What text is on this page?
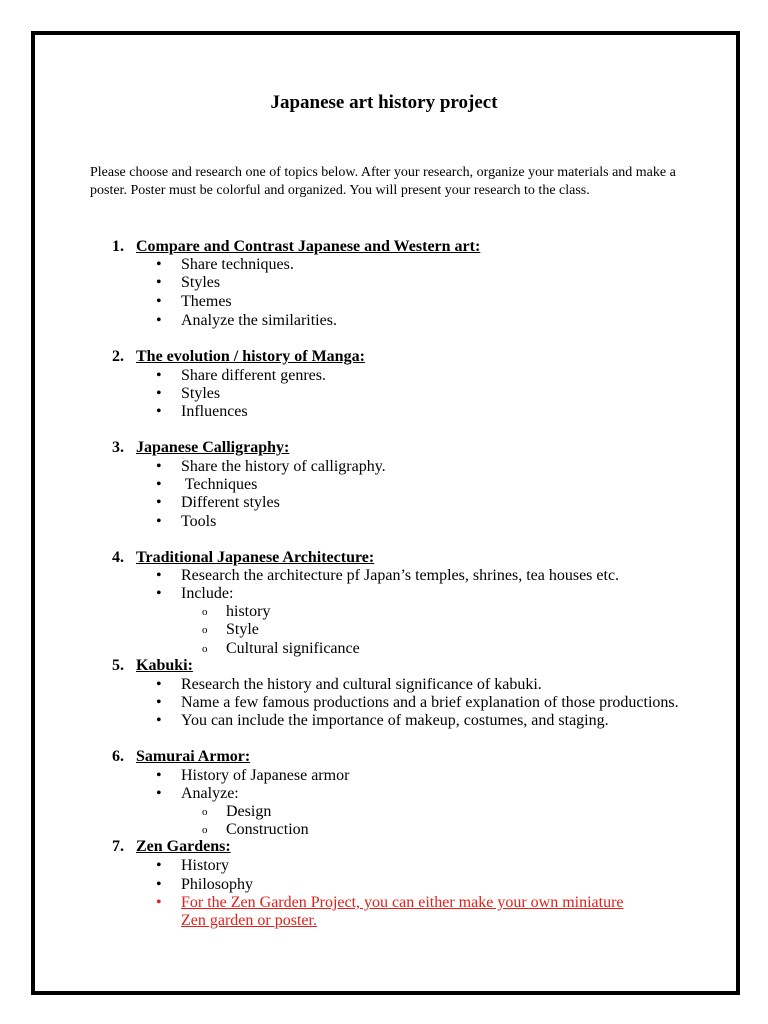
Japanese art history project
Please choose and research one of topics below. After your research, organize your materials and make a poster. Poster must be colorful and organized. You will present your research to the class.
1. Compare and Contrast Japanese and Western art:
• Share techniques.
• Styles
• Themes
• Analyze the similarities.
2. The evolution / history of Manga:
• Share different genres.
• Styles
• Influences
3. Japanese Calligraphy:
• Share the history of calligraphy.
• Techniques
• Different styles
• Tools
4. Traditional Japanese Architecture:
• Research the architecture pf Japan’s temples, shrines, tea houses etc.
• Include:
o history
o Style
o Cultural significance
5. Kabuki:
• Research the history and cultural significance of kabuki.
• Name a few famous productions and a brief explanation of those productions.
• You can include the importance of makeup, costumes, and staging.
6. Samurai Armor:
• History of Japanese armor
• Analyze:
o Design
o Construction
7. Zen Gardens:
• History
• Philosophy
• For the Zen Garden Project, you can either make your own miniature Zen garden or poster.
